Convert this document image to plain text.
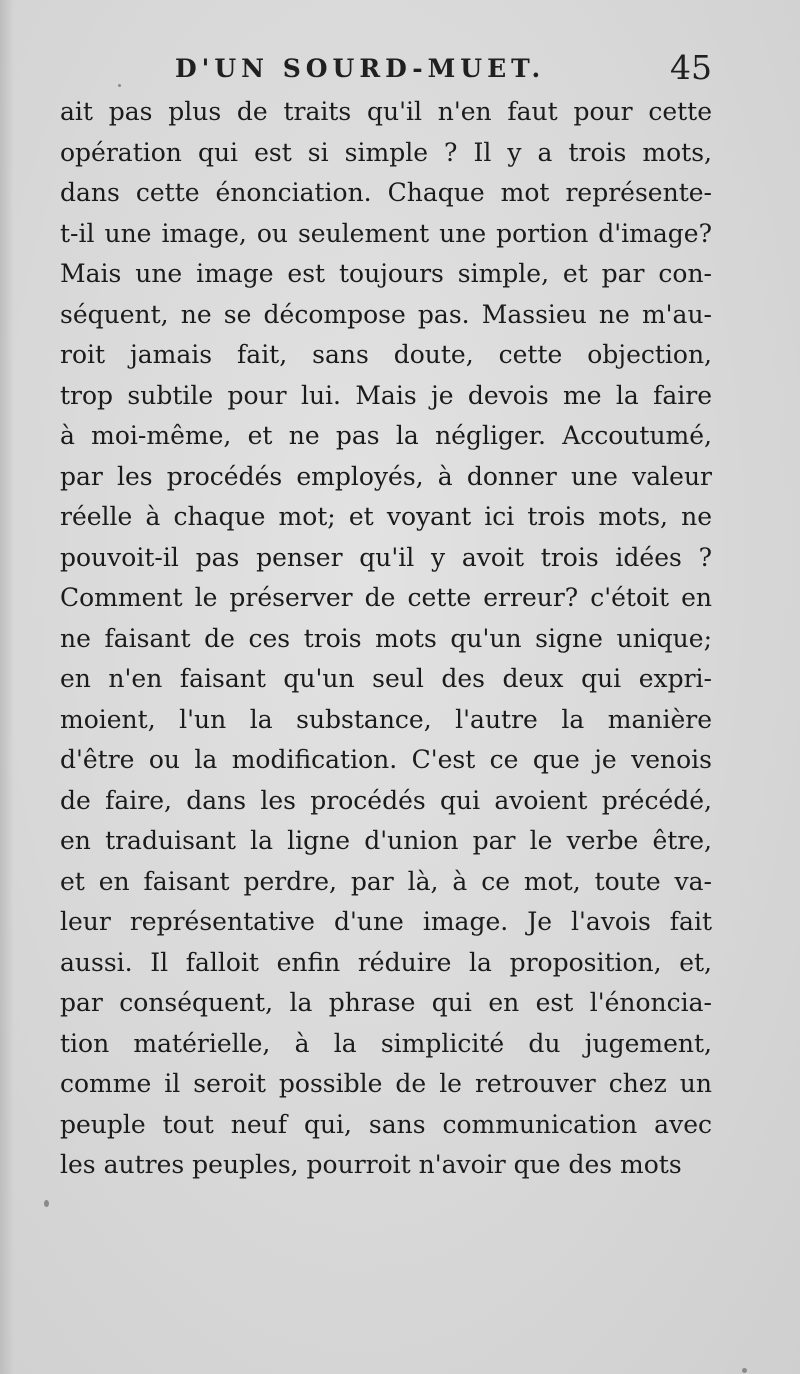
D'UN SOURD-MUET.	45
ait pas plus de traits qu'il n'en faut pour cette
opération qui est si simple ? Il y a trois mots,
dans cette énonciation. Chaque mot représente-
t-il une image, ou seulement une portion d'image?
Mais une image est toujours simple, et par con-
séquent, ne se décompose pas. Massieu ne m'au-
roit jamais fait, sans doute, cette objection,
trop subtile pour lui. Mais je devois me la faire
à moi-même, et ne pas la négliger. Accoutumé,
par les procédés employés, à donner une valeur
réelle à chaque mot; et voyant ici trois mots, ne
pouvoit-il pas penser qu'il y avoit trois idées ?
Comment le préserver de cette erreur? c'étoit en
ne faisant de ces trois mots qu'un signe unique;
en n'en faisant qu'un seul des deux qui expri-
moient, l'un la substance, l'autre la manière
d'être ou la modification. C'est ce que je venois
de faire, dans les procédés qui avoient précédé,
en traduisant la ligne d'union par le verbe être,
et en faisant perdre, par là, à ce mot, toute va-
leur représentative d'une image. Je l'avois fait
aussi. Il falloit enfin réduire la proposition, et,
par conséquent, la phrase qui en est l'énoncia-
tion matérielle, à la simplicité du jugement,
comme il seroit possible de le retrouver chez un
peuple tout neuf qui, sans communication avec
les autres peuples, pourroit n'avoir que des mots
